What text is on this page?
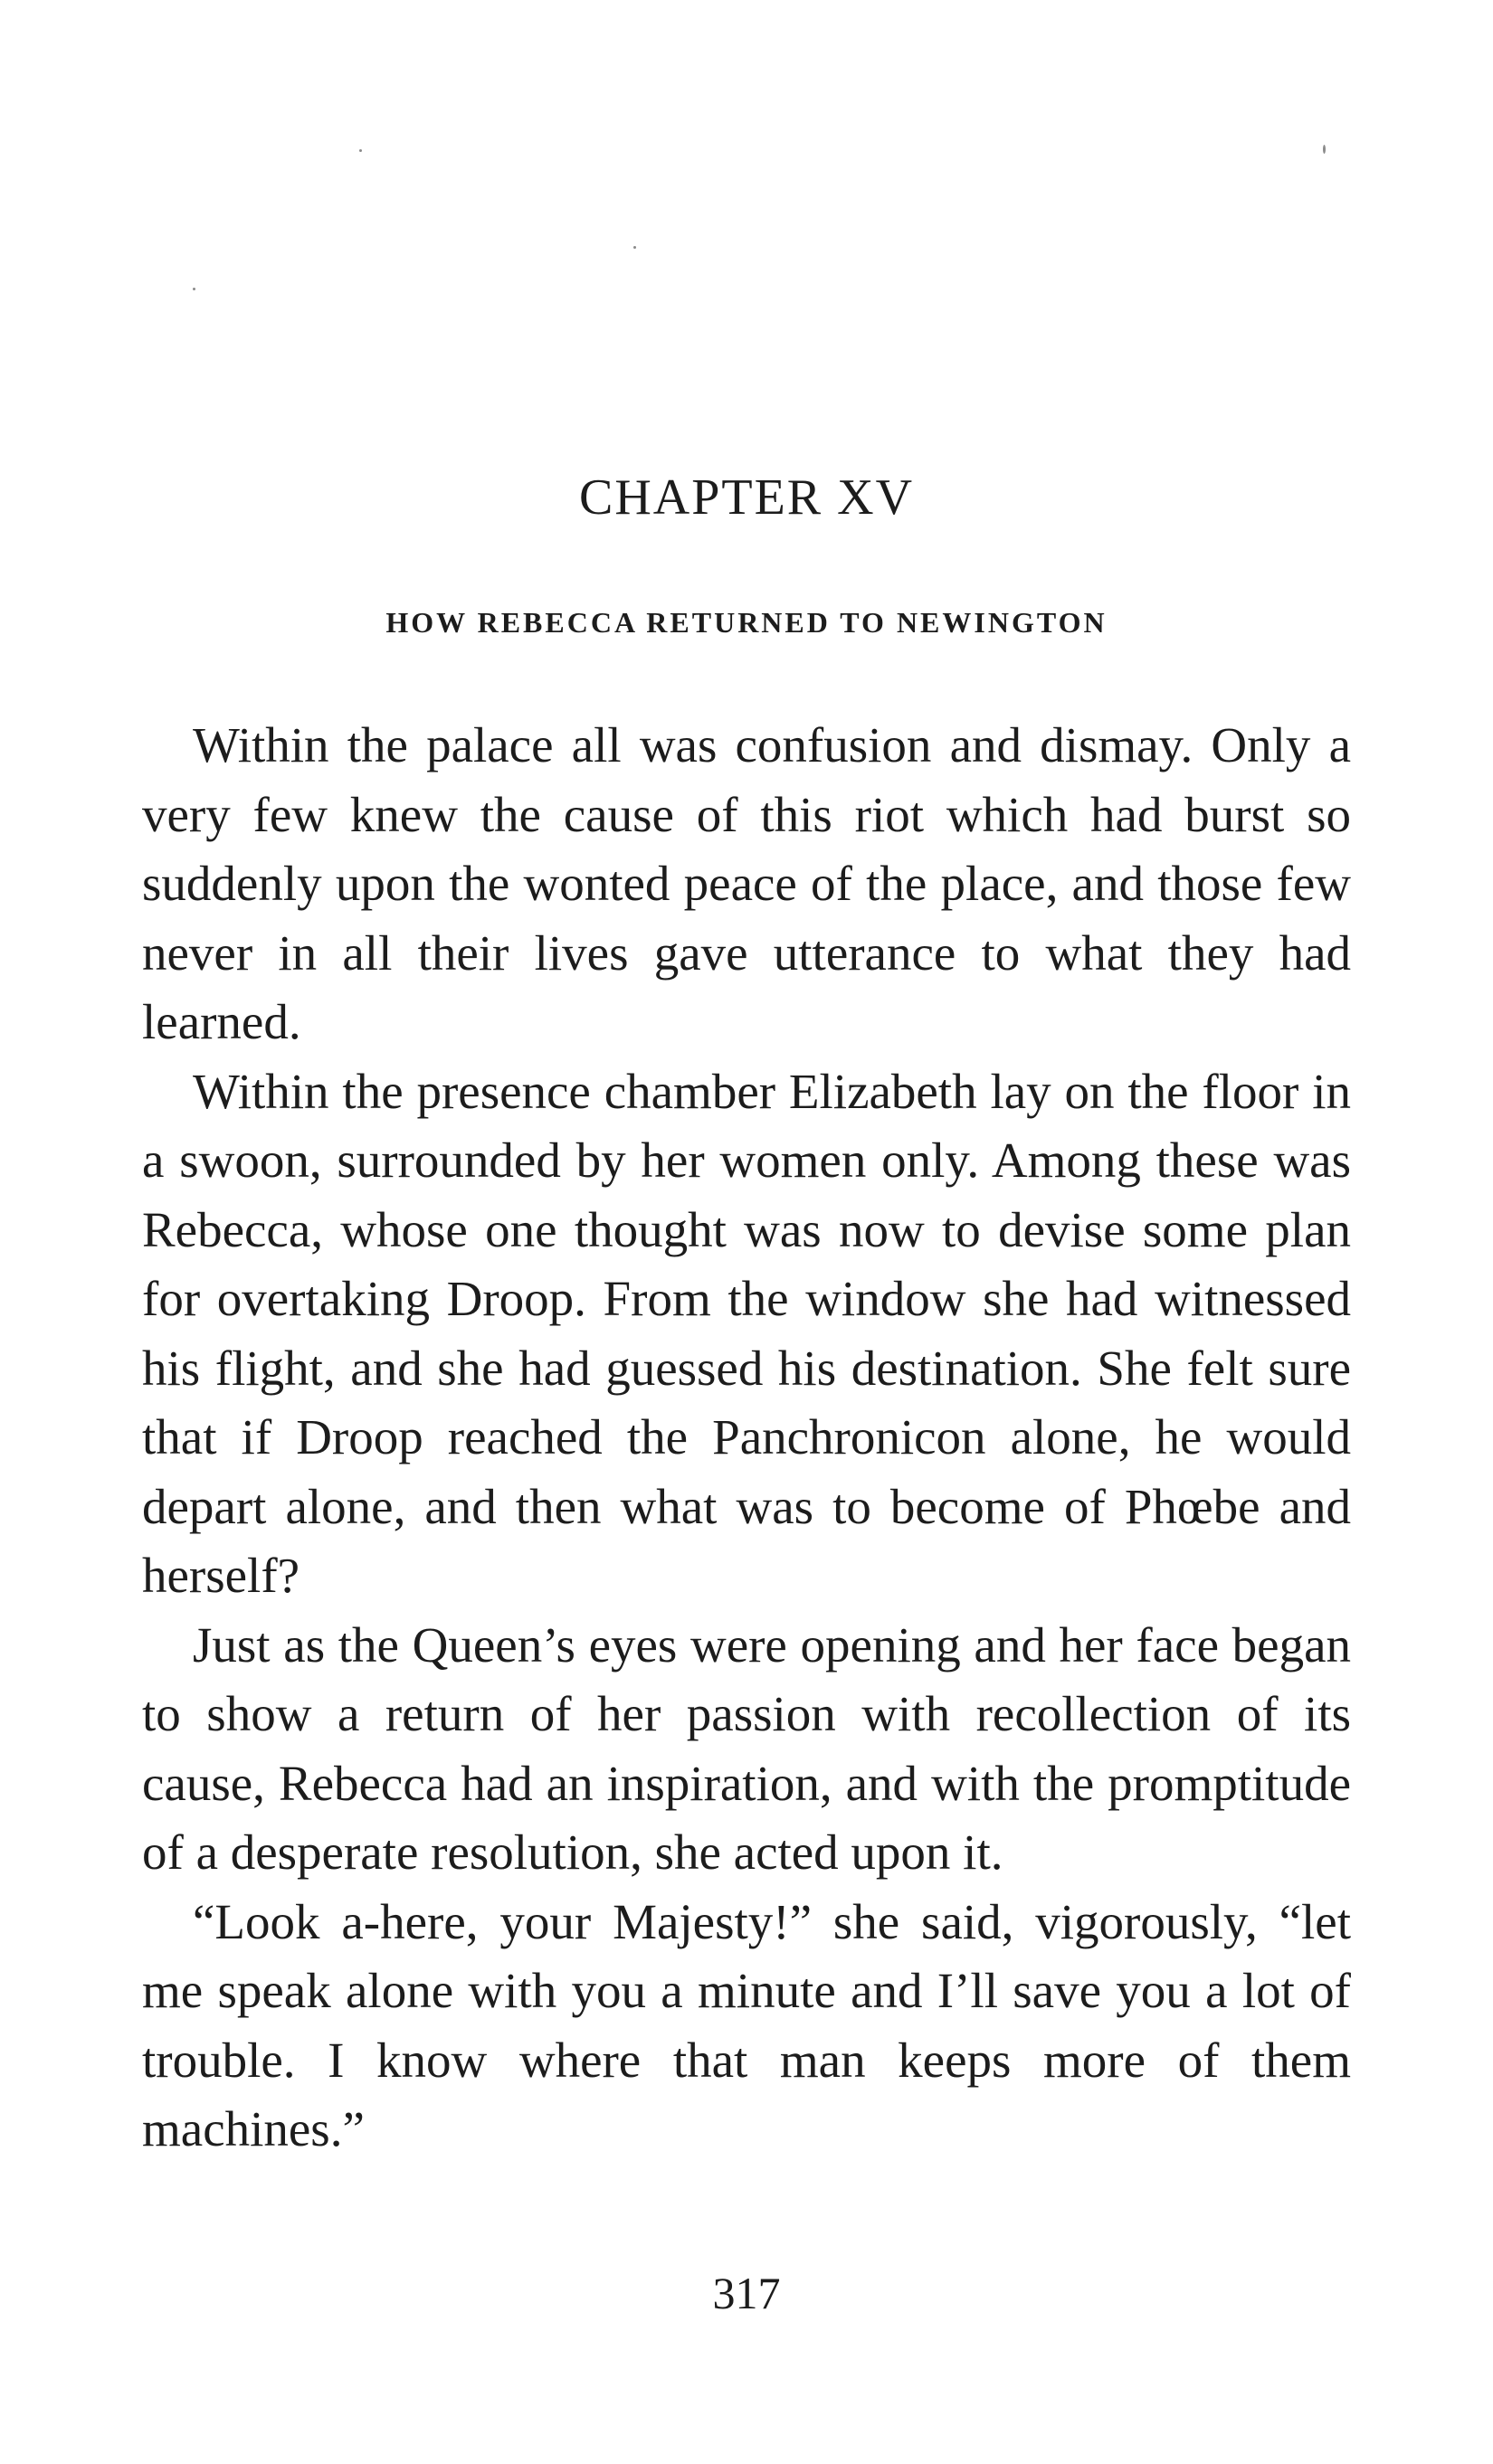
CHAPTER XV
HOW REBECCA RETURNED TO NEWINGTON

Within the palace all was confusion and dismay. Only a very few knew the cause of this riot which had burst so suddenly upon the wonted peace of the place, and those few never in all their lives gave utterance to what they had learned.

Within the presence chamber Elizabeth lay on the floor in a swoon, surrounded by her women only. Among these was Rebecca, whose one thought was now to devise some plan for overtaking Droop. From the window she had witnessed his flight, and she had guessed his destination. She felt sure that if Droop reached the Panchronicon alone, he would depart alone, and then what was to become of Phœbe and herself?

Just as the Queen’s eyes were opening and her face began to show a return of her passion with recollection of its cause, Rebecca had an inspiration, and with the promptitude of a desperate resolution, she acted upon it.

“Look a-here, your Majesty!” she said, vigorously, “let me speak alone with you a minute and I’ll save you a lot of trouble. I know where that man keeps more of them machines.”

317
